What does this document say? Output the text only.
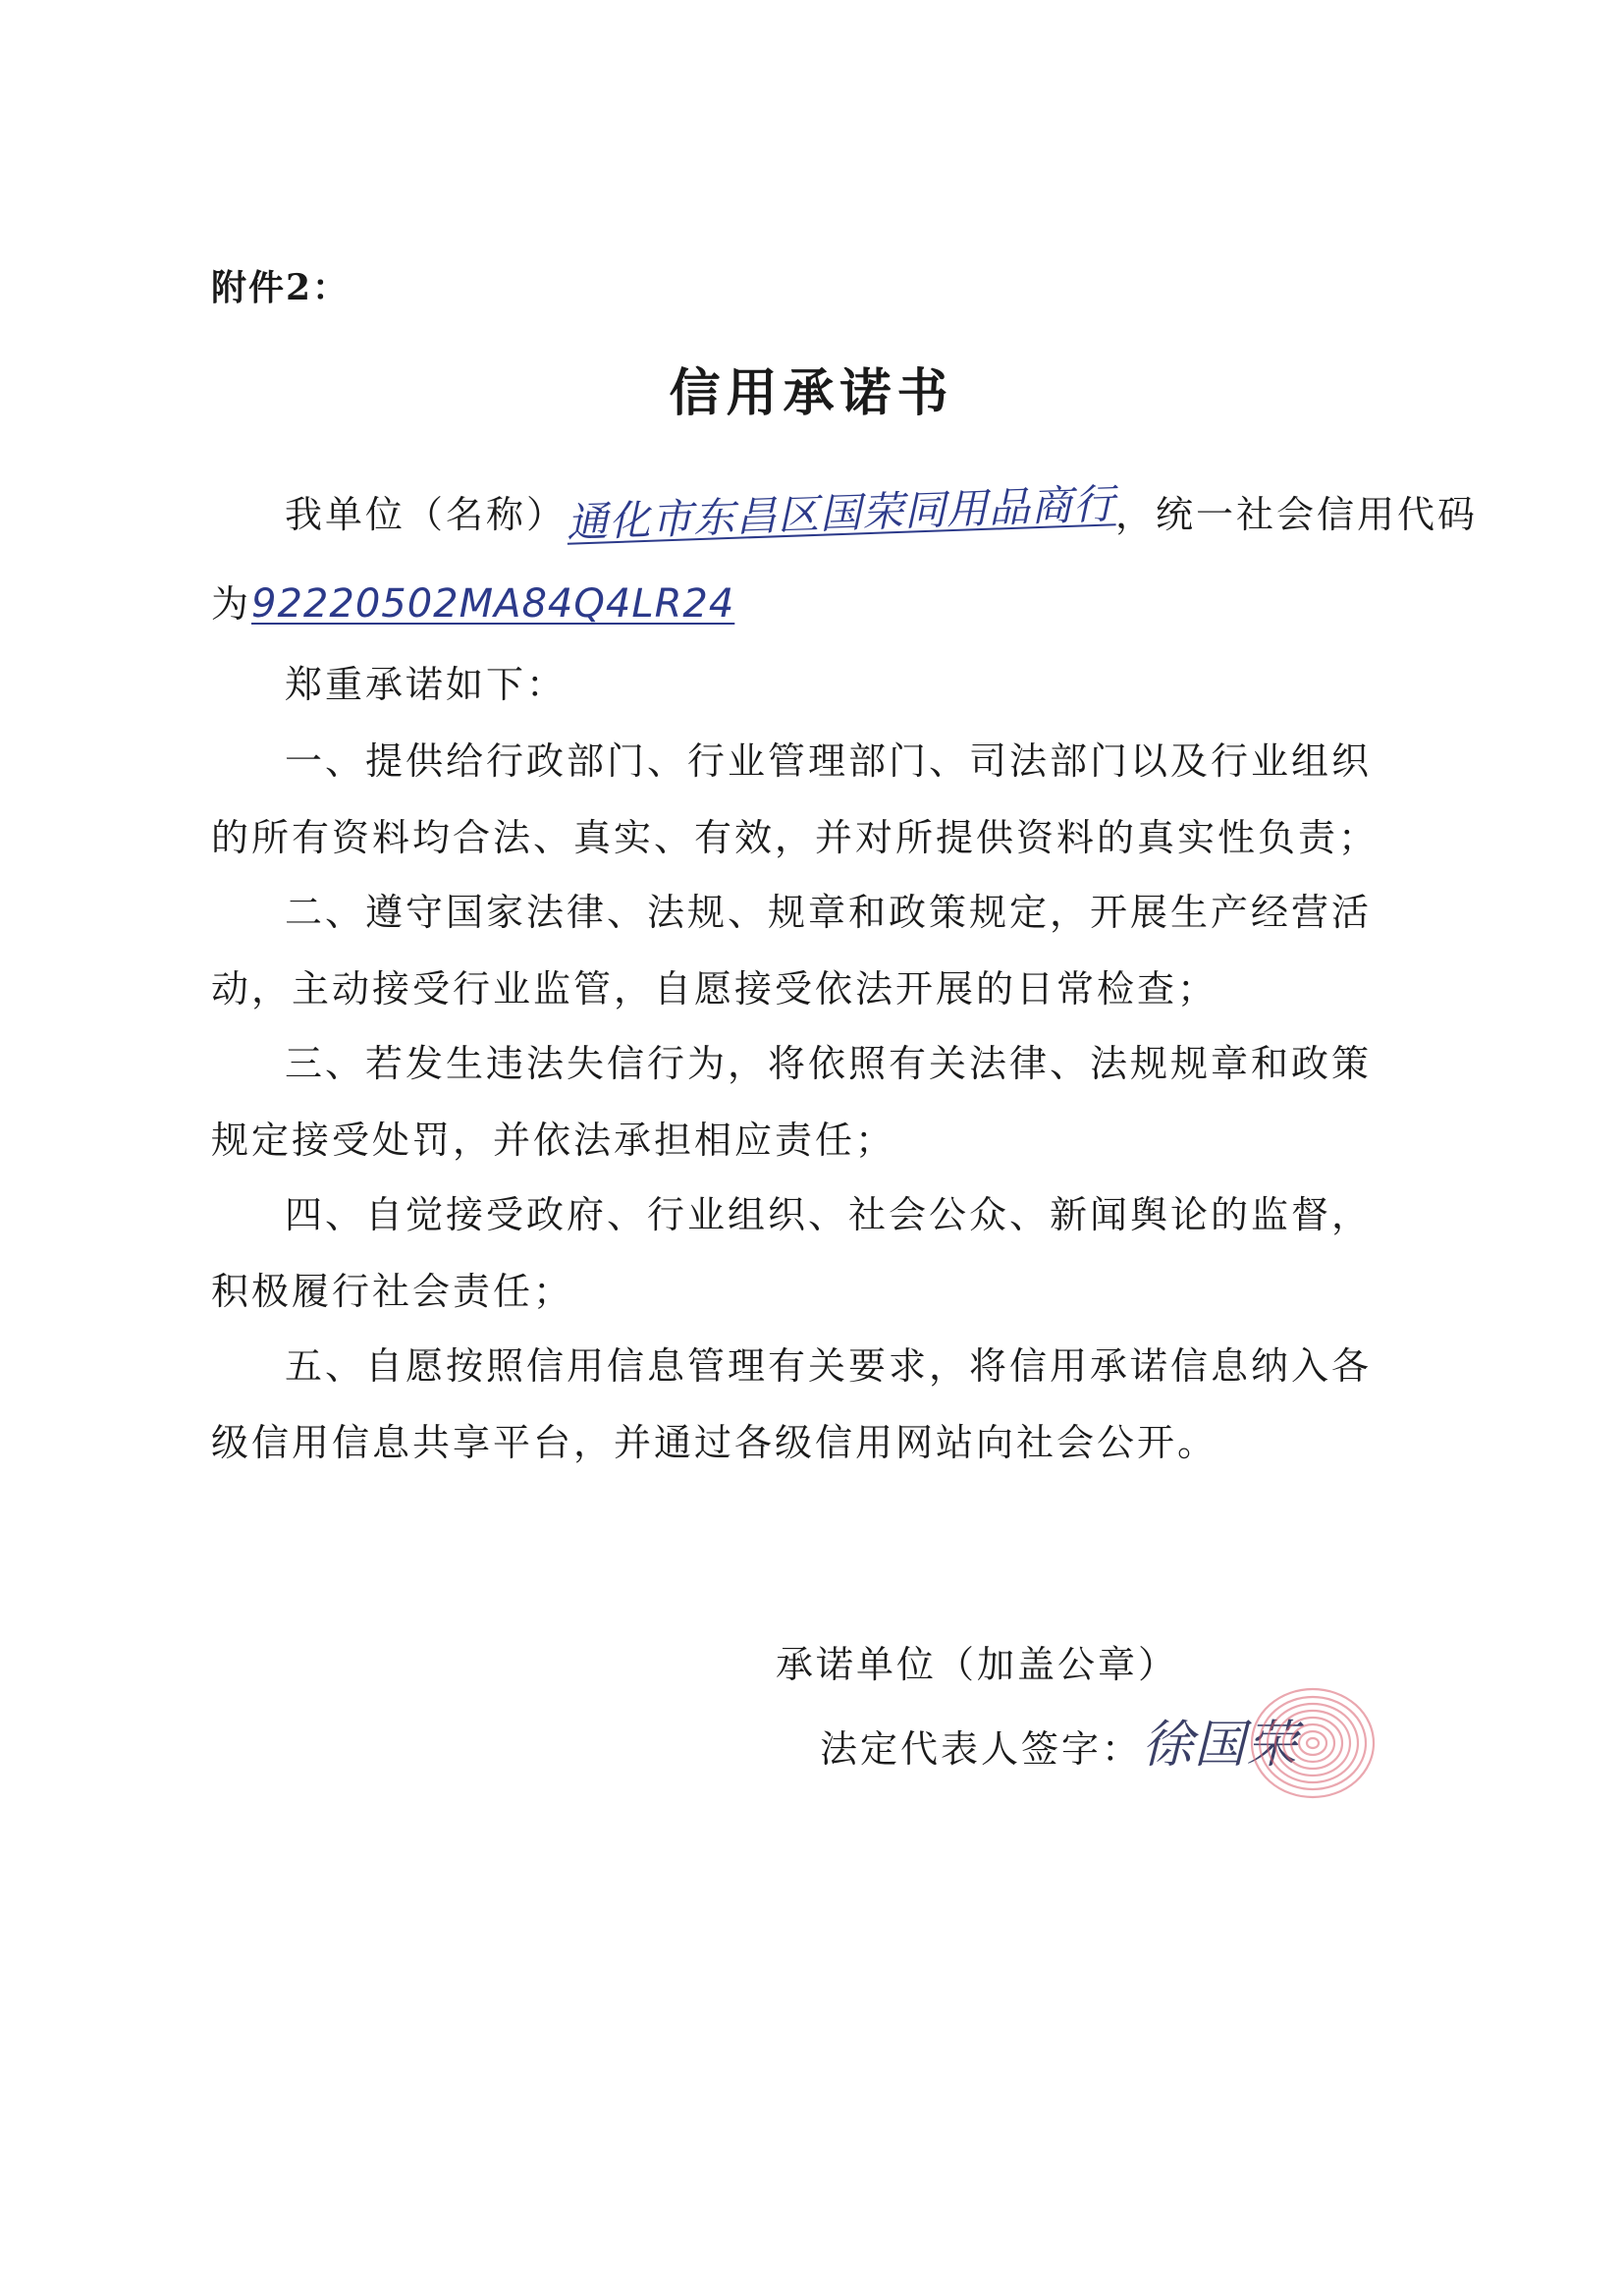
附件2：
信用承诺书
我单位（名称）通化市东昌区国荣同用品商行，统一社会信用代码
为92220502MA84Q4LR24
郑重承诺如下：
一、提供给行政部门、行业管理部门、司法部门以及行业组织
的所有资料均合法、真实、有效，并对所提供资料的真实性负责；
二、遵守国家法律、法规、规章和政策规定，开展生产经营活
动，主动接受行业监管，自愿接受依法开展的日常检查；
三、若发生违法失信行为，将依照有关法律、法规规章和政策
规定接受处罚，并依法承担相应责任；
四、自觉接受政府、行业组织、社会公众、新闻舆论的监督，
积极履行社会责任；
五、自愿按照信用信息管理有关要求，将信用承诺信息纳入各
级信用信息共享平台，并通过各级信用网站向社会公开。
承诺单位（加盖公章）
法定代表人签字：徐国荣
